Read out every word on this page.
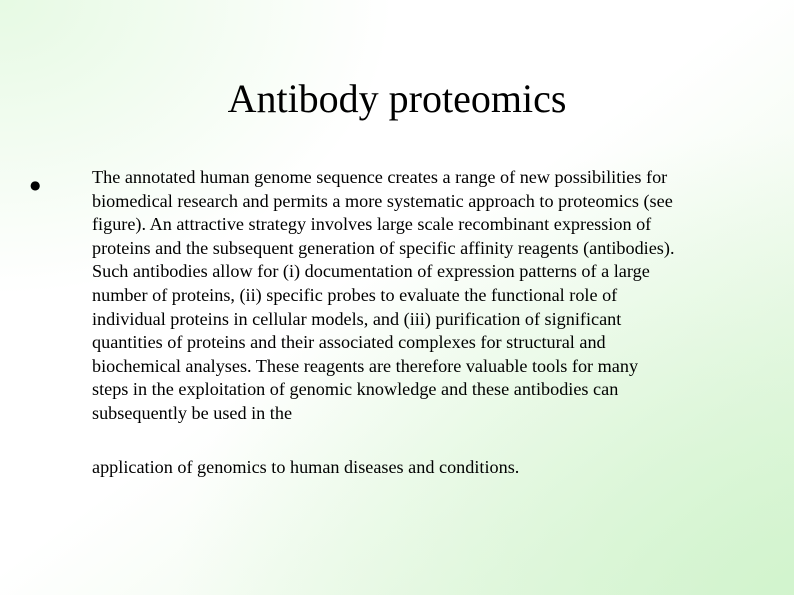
Antibody proteomics
●	The annotated human genome sequence creates a range of new possibilities for biomedical research and permits a more systematic approach to proteomics (see figure). An attractive strategy involves large scale recombinant expression of proteins and the subsequent generation of specific affinity reagents (antibodies). Such antibodies allow for (i) documentation of expression patterns of a large number of proteins, (ii) specific probes to evaluate the functional role of individual proteins in cellular models, and (iii) purification of significant quantities of proteins and their associated complexes for structural and biochemical analyses. These reagents are therefore valuable tools for many steps in the exploitation of genomic knowledge and these antibodies can subsequently be used in the
application of genomics to human diseases and conditions.
